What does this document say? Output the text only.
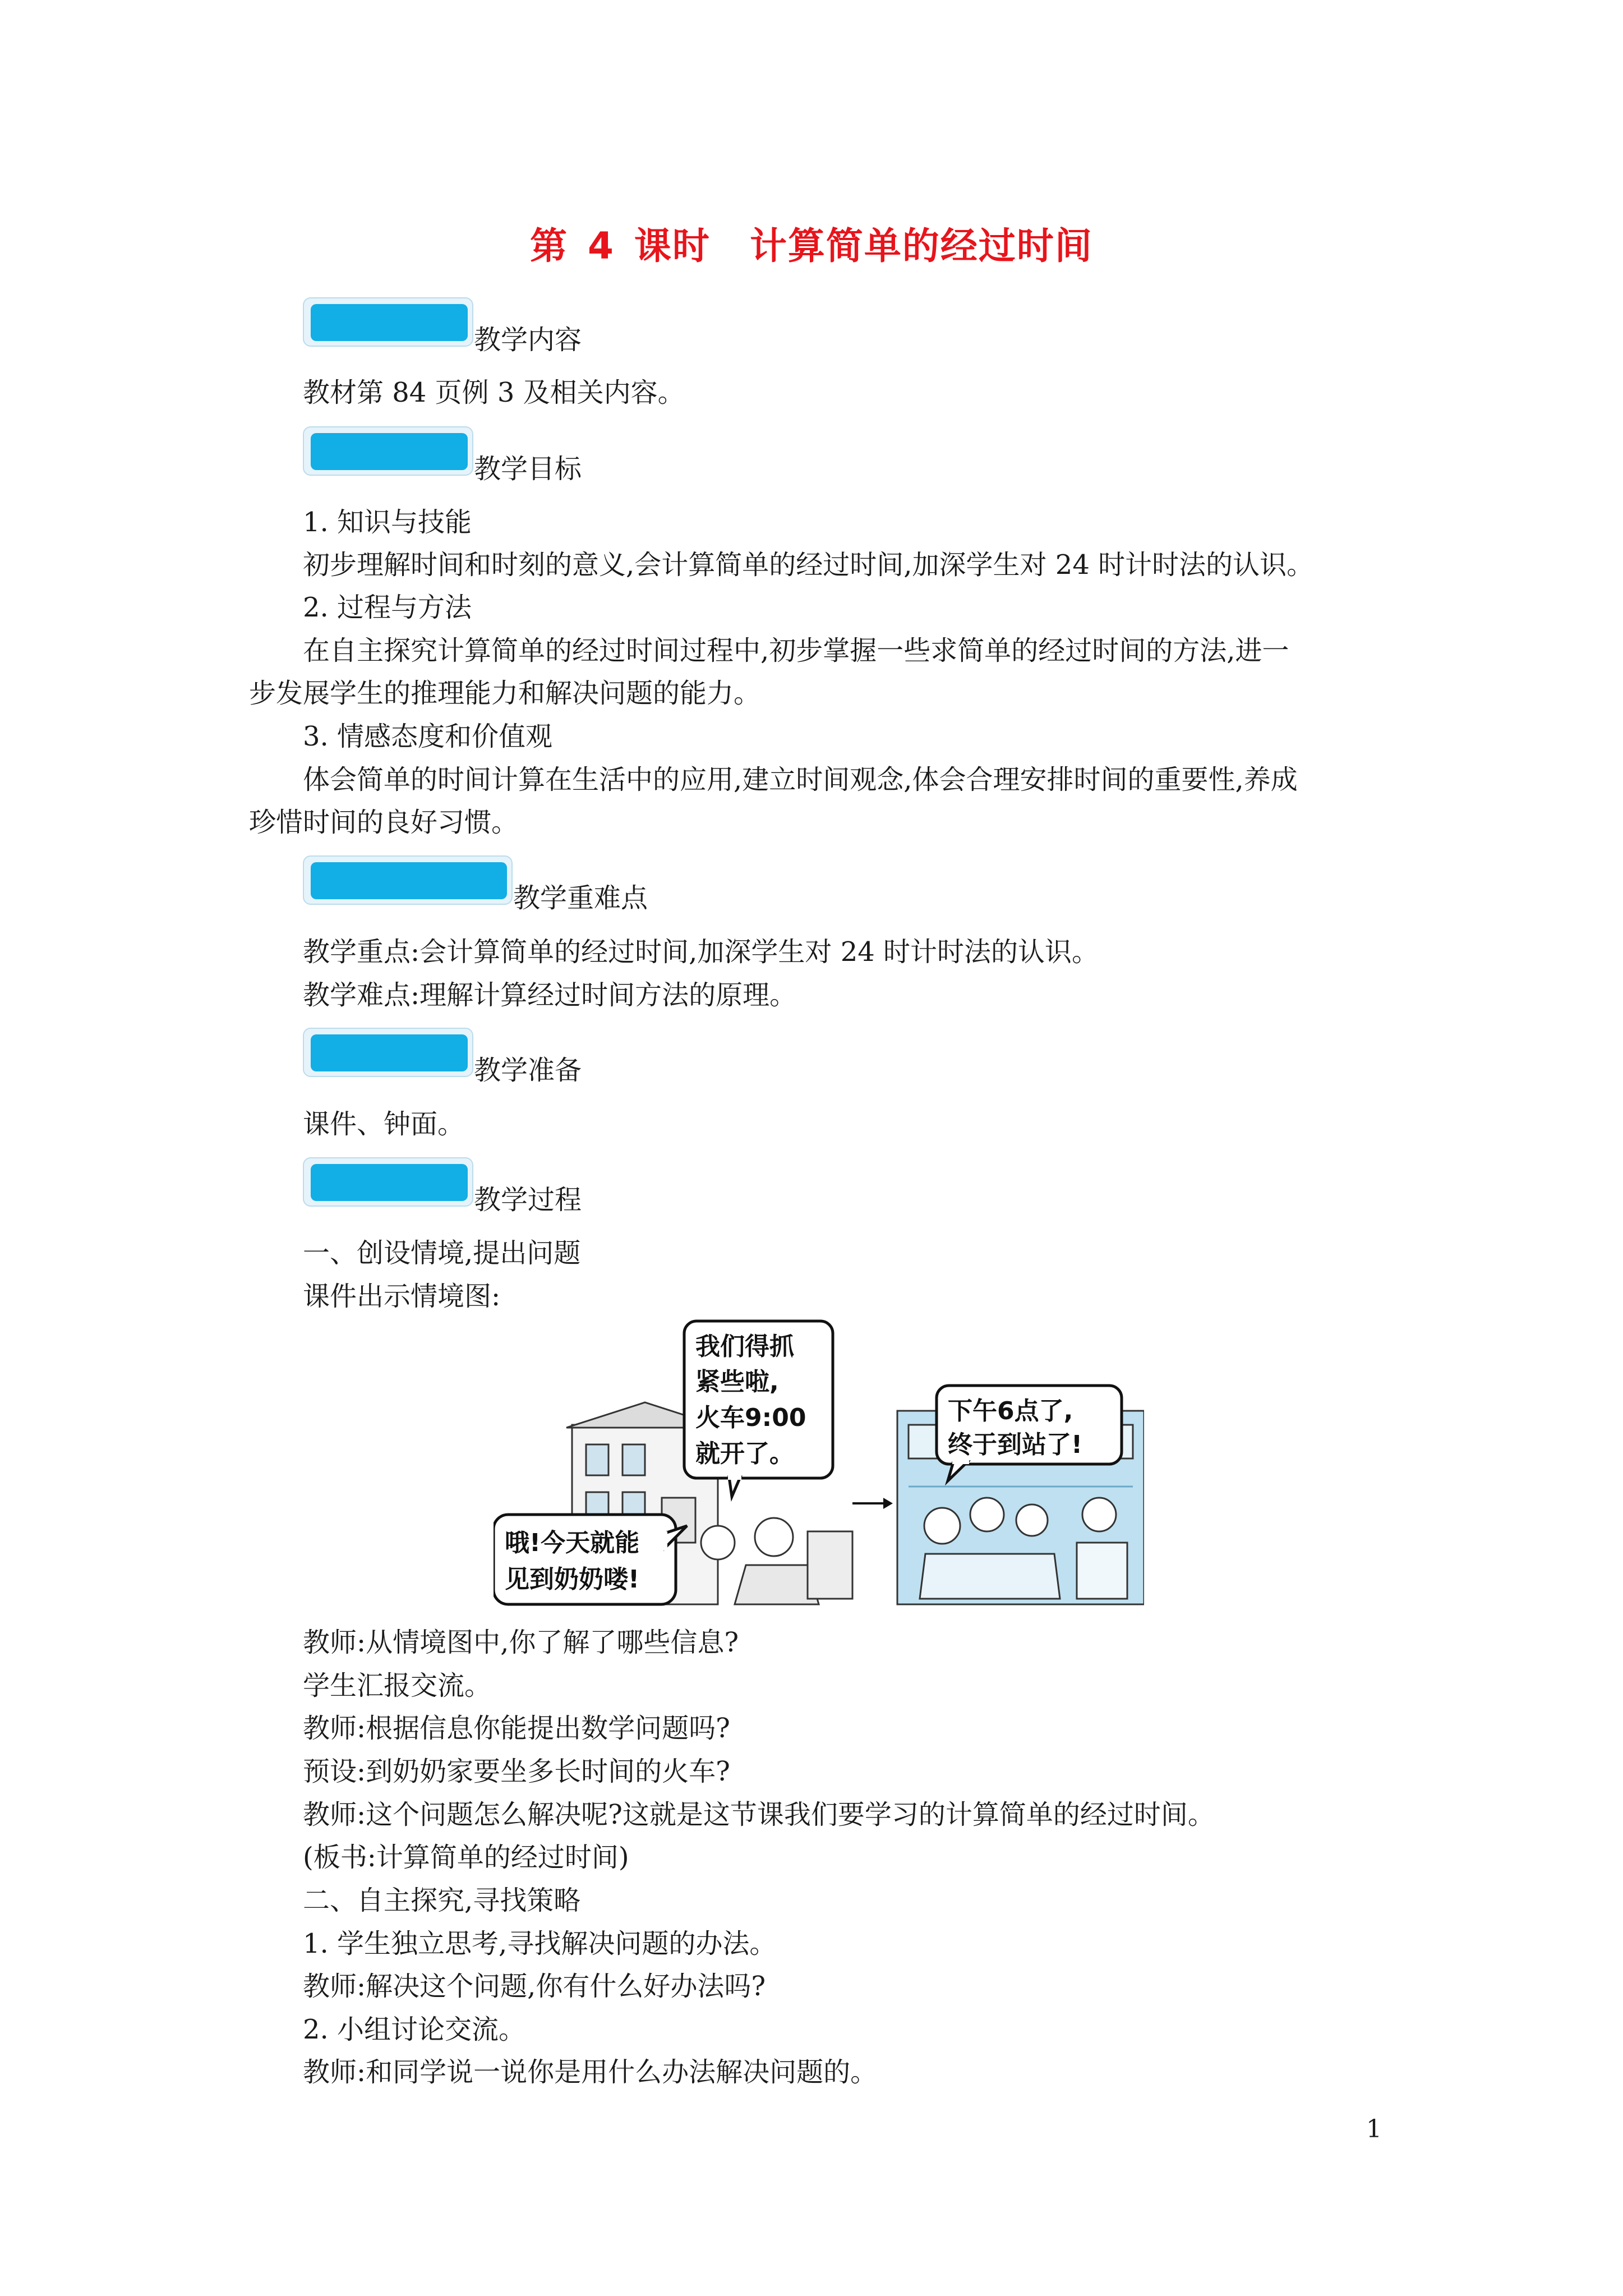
第 4 课时 计算简单的经过时间
教学内容
教材第 84 页例 3 及相关内容。
教学目标
1. 知识与技能
初步理解时间和时刻的意义,会计算简单的经过时间,加深学生对 24 时计时法的认识。
2. 过程与方法
在自主探究计算简单的经过时间过程中,初步掌握一些求简单的经过时间的方法,进一
步发展学生的推理能力和解决问题的能力。
3. 情感态度和价值观
体会简单的时间计算在生活中的应用,建立时间观念,体会合理安排时间的重要性,养成
珍惜时间的良好习惯。
教学重难点
教学重点:会计算简单的经过时间,加深学生对 24 时计时法的认识。
教学难点:理解计算经过时间方法的原理。
教学准备
课件、钟面。
教学过程
一、创设情境,提出问题
课件出示情境图:
我们得抓
紧些啦,
火车9:00
就开了。
哦!今天就能
见到奶奶喽!
下午6点了,
终于到站了!
教师:从情境图中,你了解了哪些信息?
学生汇报交流。
教师:根据信息你能提出数学问题吗?
预设:到奶奶家要坐多长时间的火车?
教师:这个问题怎么解决呢?这就是这节课我们要学习的计算简单的经过时间。
(板书:计算简单的经过时间)
二、自主探究,寻找策略
1. 学生独立思考,寻找解决问题的办法。
教师:解决这个问题,你有什么好办法吗?
2. 小组讨论交流。
教师:和同学说一说你是用什么办法解决问题的。
1
